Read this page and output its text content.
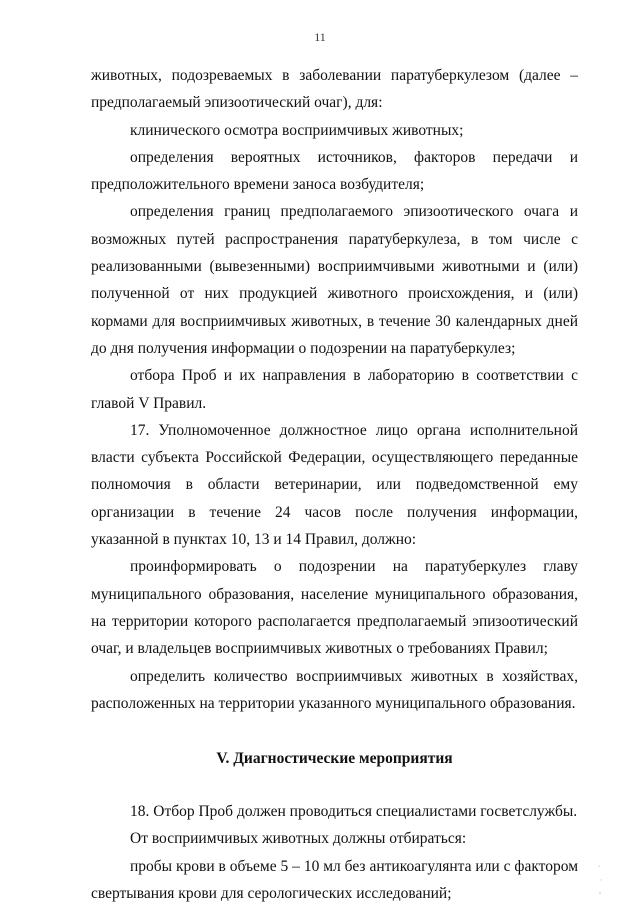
11

животных, подозреваемых в заболевании паратуберкулезом (далее – предполагаемый эпизоотический очаг), для:

клинического осмотра восприимчивых животных;

определения вероятных источников, факторов передачи и предположительного времени заноса возбудителя;

определения границ предполагаемого эпизоотического очага и возможных путей распространения паратуберкулеза, в том числе с реализованными (вывезенными) восприимчивыми животными и (или) полученной от них продукцией животного происхождения, и (или) кормами для восприимчивых животных, в течение 30 календарных дней до дня получения информации о подозрении на паратуберкулез;

отбора Проб и их направления в лабораторию в соответствии с главой V Правил.

17. Уполномоченное должностное лицо органа исполнительной власти субъекта Российской Федерации, осуществляющего переданные полномочия в области ветеринарии, или подведомственной ему организации в течение 24 часов после получения информации, указанной в пунктах 10, 13 и 14 Правил, должно:

проинформировать о подозрении на паратуберкулез главу муниципального образования, население муниципального образования, на территории которого располагается предполагаемый эпизоотический очаг, и владельцев восприимчивых животных о требованиях Правил;

определить количество восприимчивых животных в хозяйствах, расположенных на территории указанного муниципального образования.

V. Диагностические мероприятия

18. Отбор Проб должен проводиться специалистами госветслужбы.

От восприимчивых животных должны отбираться:

пробы крови в объеме 5 – 10 мл без антикоагулянта или с фактором свертывания крови для серологических исследований;
